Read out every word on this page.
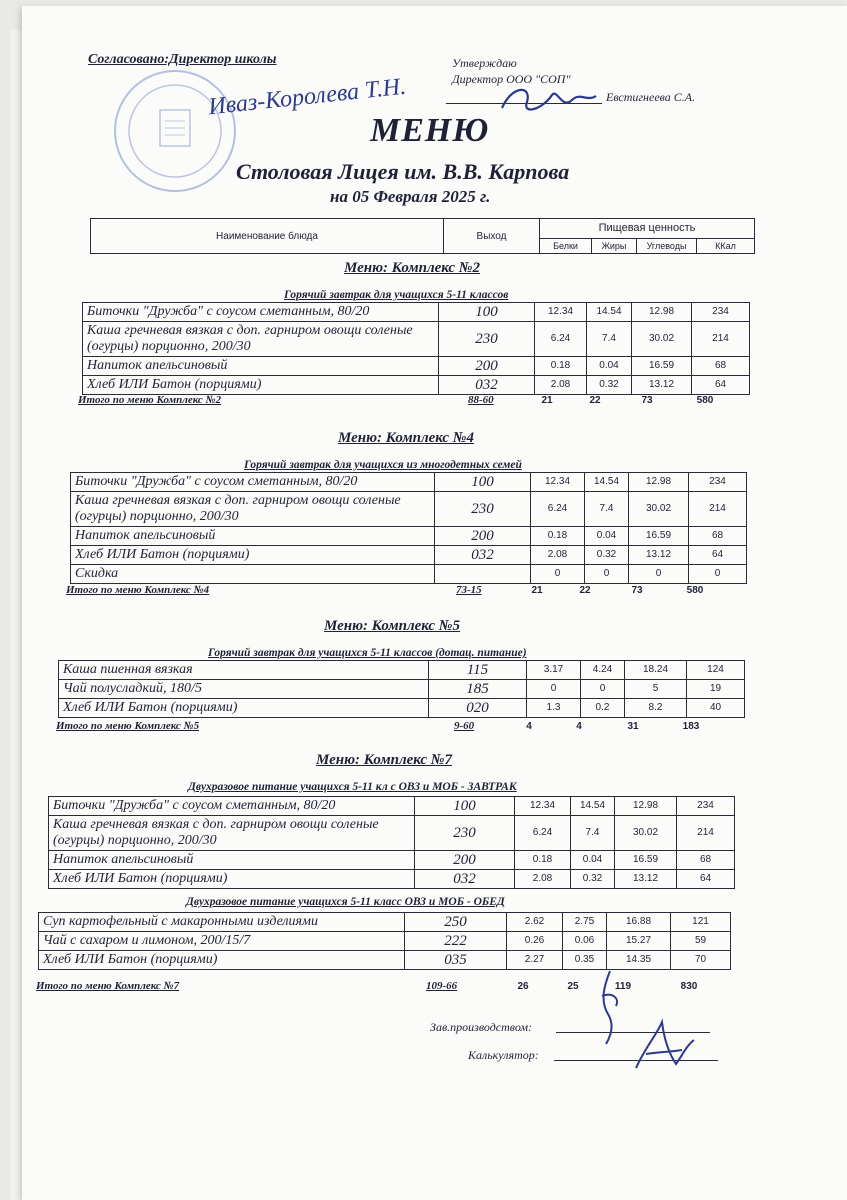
Согласовано:Директор школы	Утверждаю
Директор ООО "СОП"
Евстигнеева С.А.
Иваз-Королева Т.Н.
МЕНЮ
Столовая Лицея им. В.В. Карпова
на 05 Февраля 2025 г.
Наименование блюда	Выход	Пищевая ценность			
		Белки	Жиры	Углеводы	ККал
Меню: Комплекс №2
Горячий завтрак для учащихся 5-11 классов
Биточки "Дружба" с соусом сметанным, 80/20	100	12.34	14.54	12.98	234
Каша гречневая вязкая с доп. гарниром овощи соленые (огурцы) порционно, 200/30	230	6.24	7.4	30.02	214
Напиток апельсиновый	200	0.18	0.04	16.59	68
Хлеб ИЛИ Батон (порциями)	032	2.08	0.32	13.12	64
Итого по меню Комплекс №2	88-60	21	22	73	580
Меню: Комплекс №4
Горячий завтрак для учащихся из многодетных семей
Биточки "Дружба" с соусом сметанным, 80/20	100	12.34	14.54	12.98	234
Каша гречневая вязкая с доп. гарниром овощи соленые (огурцы) порционно, 200/30	230	6.24	7.4	30.02	214
Напиток апельсиновый	200	0.18	0.04	16.59	68
Хлеб ИЛИ Батон (порциями)	032	2.08	0.32	13.12	64
Скидка		0	0	0	0
Итого по меню Комплекс №4	73-15	21	22	73	580
Меню: Комплекс №5
Горячий завтрак для учащихся 5-11 классов (дотац. питание)
Каша пшенная вязкая	115	3.17	4.24	18.24	124
Чай полусладкий, 180/5	185	0	0	5	19
Хлеб ИЛИ Батон (порциями)	020	1.3	0.2	8.2	40
Итого по меню Комплекс №5	9-60	4	4	31	183
Меню: Комплекс №7
Двухразовое питание учащихся 5-11 кл с ОВЗ и МОБ - ЗАВТРАК
Биточки "Дружба" с соусом сметанным, 80/20	100	12.34	14.54	12.98	234
Каша гречневая вязкая с доп. гарниром овощи соленые (огурцы) порционно, 200/30	230	6.24	7.4	30.02	214
Напиток апельсиновый	200	0.18	0.04	16.59	68
Хлеб ИЛИ Батон (порциями)	032	2.08	0.32	13.12	64
Двухразовое питание учащихся 5-11 класс ОВЗ и МОБ - ОБЕД
Суп картофельный с макаронными изделиями	250	2.62	2.75	16.88	121
Чай с сахаром и лимоном, 200/15/7	222	0.26	0.06	15.27	59
Хлеб ИЛИ Батон (порциями)	035	2.27	0.35	14.35	70
Итого по меню Комплекс №7	109-66	26	25	119	830
Зав.производством:
Калькулятор:
